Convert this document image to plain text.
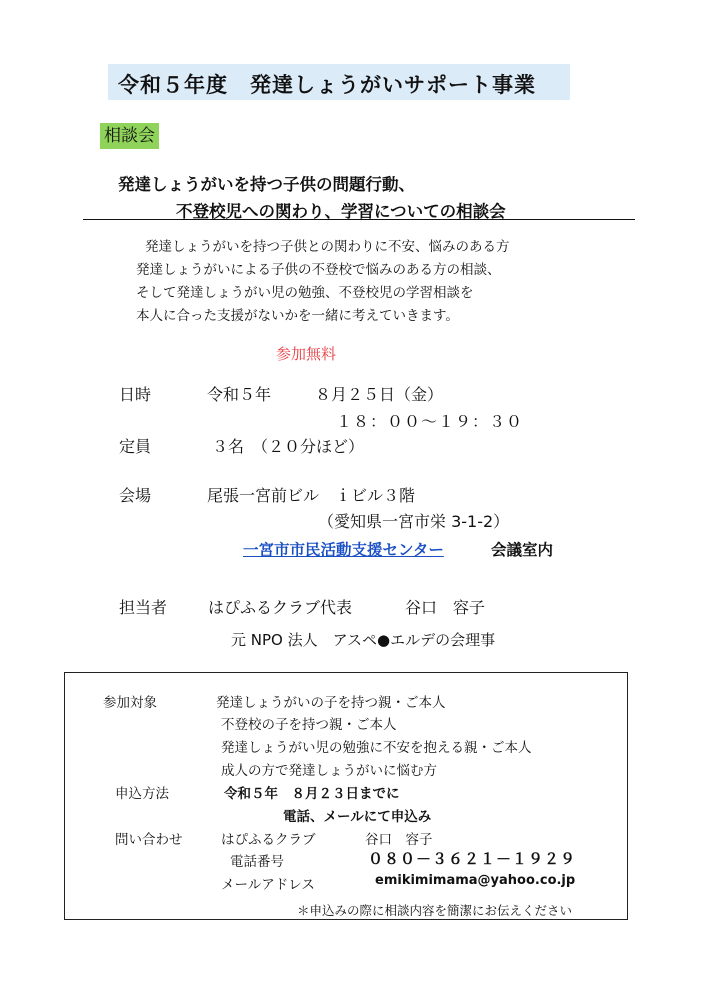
令和５年度　発達しょうがいサポート事業
相談会
発達しょうがいを持つ子供の問題行動、
不登校児への関わり、学習についての相談会
発達しょうがいを持つ子供との関わりに不安、悩みのある方
発達しょうがいによる子供の不登校で悩みのある方の相談、
そして発達しょうがい児の勉強、不登校児の学習相談を
本人に合った支援がないかを一緒に考えていきます。
参加無料
日時	令和５年	８月２５日（金）
１８：００～１９：３０
定員	３名　（２０分ほど）
会場	尾張一宮前ビル　ｉビル３階
（愛知県一宮市栄 3-1-2）
一宮市市民活動支援センター	会議室内
担当者	はぴふるクラブ代表	谷口　容子
元 NPO 法人　アスペ●エルデの会理事
参加対象	発達しょうがいの子を持つ親・ご本人
不登校の子を持つ親・ご本人
発達しょうがい児の勉強に不安を抱える親・ご本人
成人の方で発達しょうがいに悩む方
申込方法	令和５年　８月２３日までに
電話、メールにて申込み
問い合わせ	はぴふるクラブ	谷口　容子
電話番号	０８０－３６２１－１９２９
メールアドレス	emikimimama@yahoo.co.jp
＊申込みの際に相談内容を簡潔にお伝えください
